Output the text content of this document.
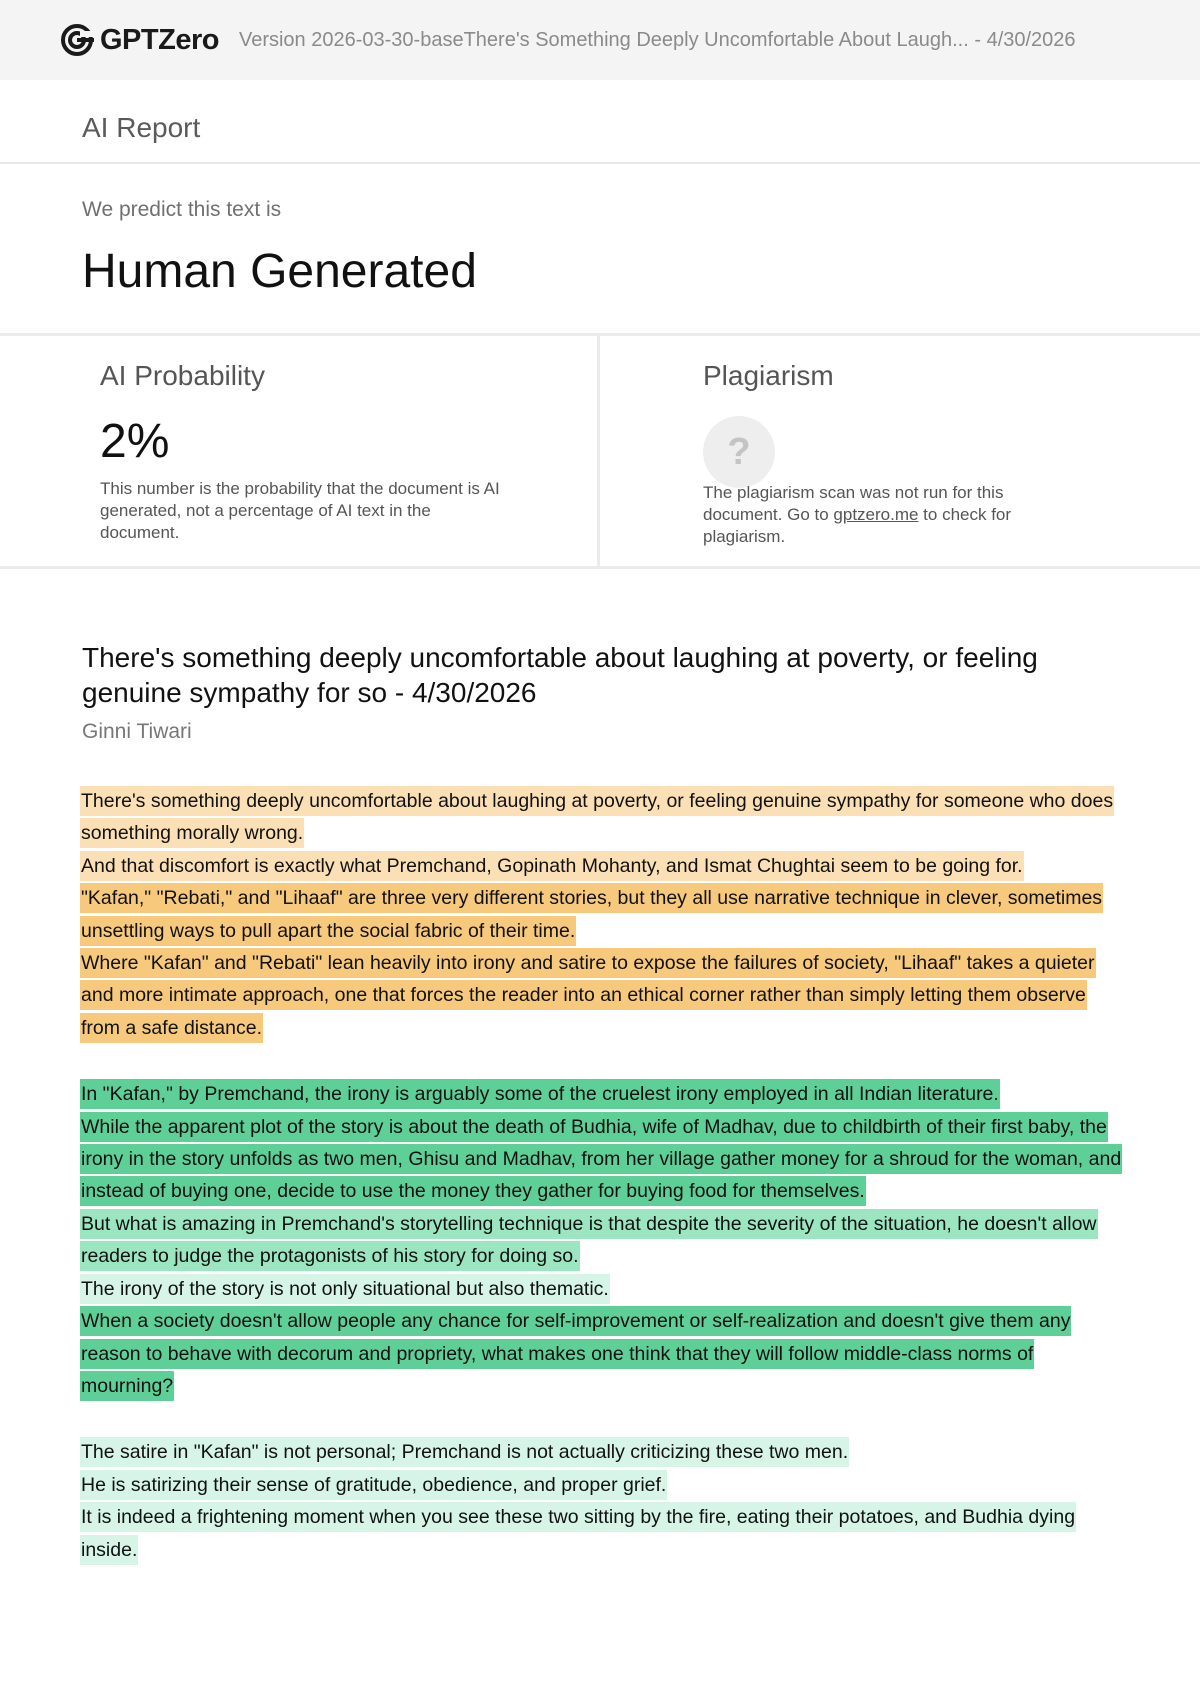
GPTZero Version 2026-03-30-baseThere's Something Deeply Uncomfortable About Laugh... - 4/30/2026
AI Report
We predict this text is
Human Generated
AI Probability
2%
This number is the probability that the document is AI generated, not a percentage of AI text in the document.
Plagiarism
?
The plagiarism scan was not run for this document. Go to gptzero.me to check for plagiarism.
There's something deeply uncomfortable about laughing at poverty, or feeling genuine sympathy for so - 4/30/2026
Ginni Tiwari
There's something deeply uncomfortable about laughing at poverty, or feeling genuine sympathy for someone who does something morally wrong.
And that discomfort is exactly what Premchand, Gopinath Mohanty, and Ismat Chughtai seem to be going for.
"Kafan," "Rebati," and "Lihaaf" are three very different stories, but they all use narrative technique in clever, sometimes unsettling ways to pull apart the social fabric of their time.
Where "Kafan" and "Rebati" lean heavily into irony and satire to expose the failures of society, "Lihaaf" takes a quieter and more intimate approach, one that forces the reader into an ethical corner rather than simply letting them observe from a safe distance.
In "Kafan," by Premchand, the irony is arguably some of the cruelest irony employed in all Indian literature.
While the apparent plot of the story is about the death of Budhia, wife of Madhav, due to childbirth of their first baby, the irony in the story unfolds as two men, Ghisu and Madhav, from her village gather money for a shroud for the woman, and instead of buying one, decide to use the money they gather for buying food for themselves.
But what is amazing in Premchand's storytelling technique is that despite the severity of the situation, he doesn't allow readers to judge the protagonists of his story for doing so.
The irony of the story is not only situational but also thematic.
When a society doesn't allow people any chance for self-improvement or self-realization and doesn't give them any reason to behave with decorum and propriety, what makes one think that they will follow middle-class norms of mourning?
The satire in "Kafan" is not personal; Premchand is not actually criticizing these two men.
He is satirizing their sense of gratitude, obedience, and proper grief.
It is indeed a frightening moment when you see these two sitting by the fire, eating their potatoes, and Budhia dying inside.
